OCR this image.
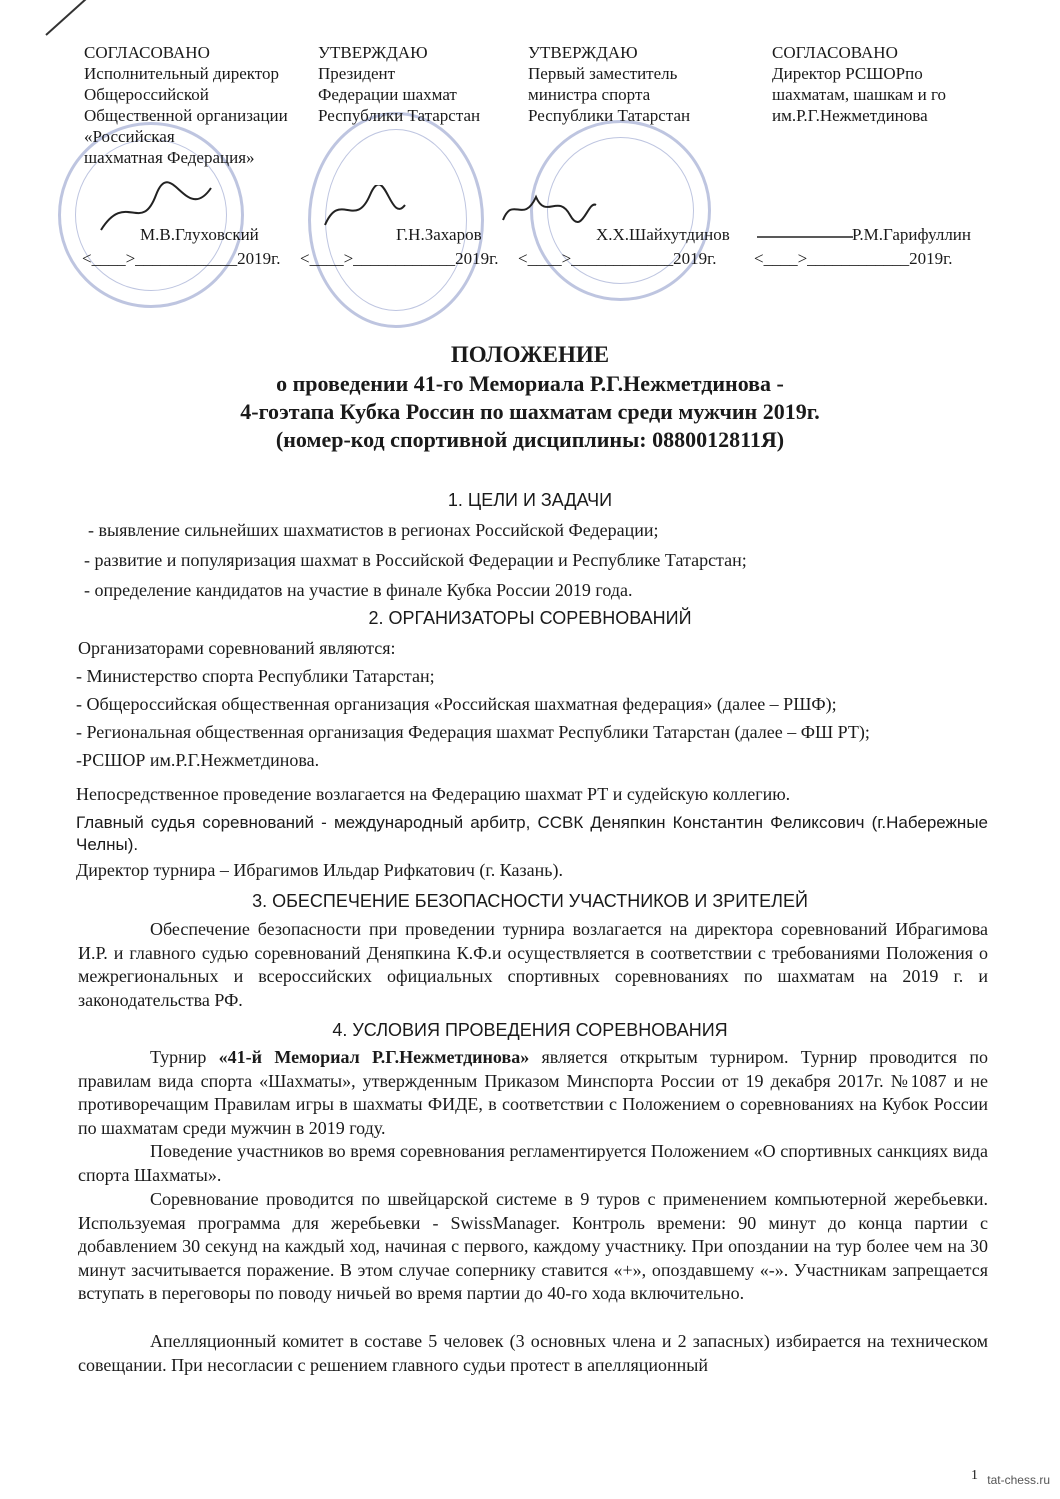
СОГЛАСОВАНО
Исполнительный директор
Общероссийской
Общественной организации
«Российская
шахматная Федерация»
УТВЕРЖДАЮ
Президент
Федерации шахмат
Республики Татарстан
УТВЕРЖДАЮ
Первый заместитель
министра спорта
Республики Татарстан
СОГЛАСОВАНО
Директор РСШОРпо
шахматам, шашкам и го
им.Р.Г.Нежметдинова
М.В.Глуховский
<____>____________2019г.
Г.Н.Захаров
<____>____________2019г.
Х.Х.Шайхутдинов
<____>____________2019г.
Р.М.Гарифуллин
<____>____________2019г.
ПОЛОЖЕНИЕ
о проведении 41-го Мемориала Р.Г.Нежметдинова -
4-гоэтапа Кубка Россин по шахматам среди мужчин 2019г.
(номер-код спортивной дисциплины: 0880012811Я)
1. ЦЕЛИ И ЗАДАЧИ
- выявление сильнейших шахматистов в регионах Российской Федерации;
- развитие и популяризация шахмат в Российской Федерации и Республике Татарстан;
- определение кандидатов на участие в финале Кубка России 2019 года.
2. ОРГАНИЗАТОРЫ СОРЕВНОВАНИЙ
Организаторами соревнований являются:
- Министерство спорта Республики Татарстан;
- Общероссийская общественная организация «Российская шахматная федерация» (далее – РШФ);
- Региональная общественная организация Федерация шахмат Республики Татарстан (далее – ФШ РТ);
-РСШОР им.Р.Г.Нежметдинова.
Непосредственное проведение возлагается на Федерацию шахмат РТ и судейскую коллегию.
Главный судья соревнований - международный арбитр, ССВК Деняпкин Константин Феликсович (г.Набережные Челны).
Директор турнира – Ибрагимов Ильдар Рифкатович (г. Казань).
3. ОБЕСПЕЧЕНИЕ БЕЗОПАСНОСТИ УЧАСТНИКОВ И ЗРИТЕЛЕЙ
Обеспечение безопасности при проведении турнира возлагается на директора соревнований Ибрагимова И.Р. и главного судью соревнований Деняпкина К.Ф.и осуществляется в соответствии с требованиями Положения о межрегиональных и всероссийских официальных спортивных соревнованиях по шахматам на 2019 г. и законодательства РФ.
4. УСЛОВИЯ ПРОВЕДЕНИЯ СОРЕВНОВАНИЯ
Турнир «41-й Мемориал Р.Г.Нежметдинова» является открытым турниром. Турнир проводится по правилам вида спорта «Шахматы», утвержденным Приказом Минспорта России от 19 декабря 2017г. №1087 и не противоречащим Правилам игры в шахматы ФИДЕ, в соответствии с Положением о соревнованиях на Кубок России по шахматам среди мужчин в 2019 году.
Поведение участников во время соревнования регламентируется Положением «О спортивных санкциях вида спорта Шахматы».
Соревнование проводится по швейцарской системе в 9 туров с применением компьютерной жеребьевки. Используемая программа для жеребьевки - SwissManager. Контроль времени: 90 минут до конца партии с добавлением 30 секунд на каждый ход, начиная с первого, каждому участнику. При опоздании на тур более чем на 30 минут засчитывается поражение. В этом случае сопернику ставится «+», опоздавшему «-». Участникам запрещается вступать в переговоры по поводу ничьей во время партии до 40-го хода включительно.
Апелляционный комитет в составе 5 человек (3 основных члена и 2 запасных) избирается на техническом совещании. При несогласии с решением главного судьи протест в апелляционный
1 tat-chess.ru
